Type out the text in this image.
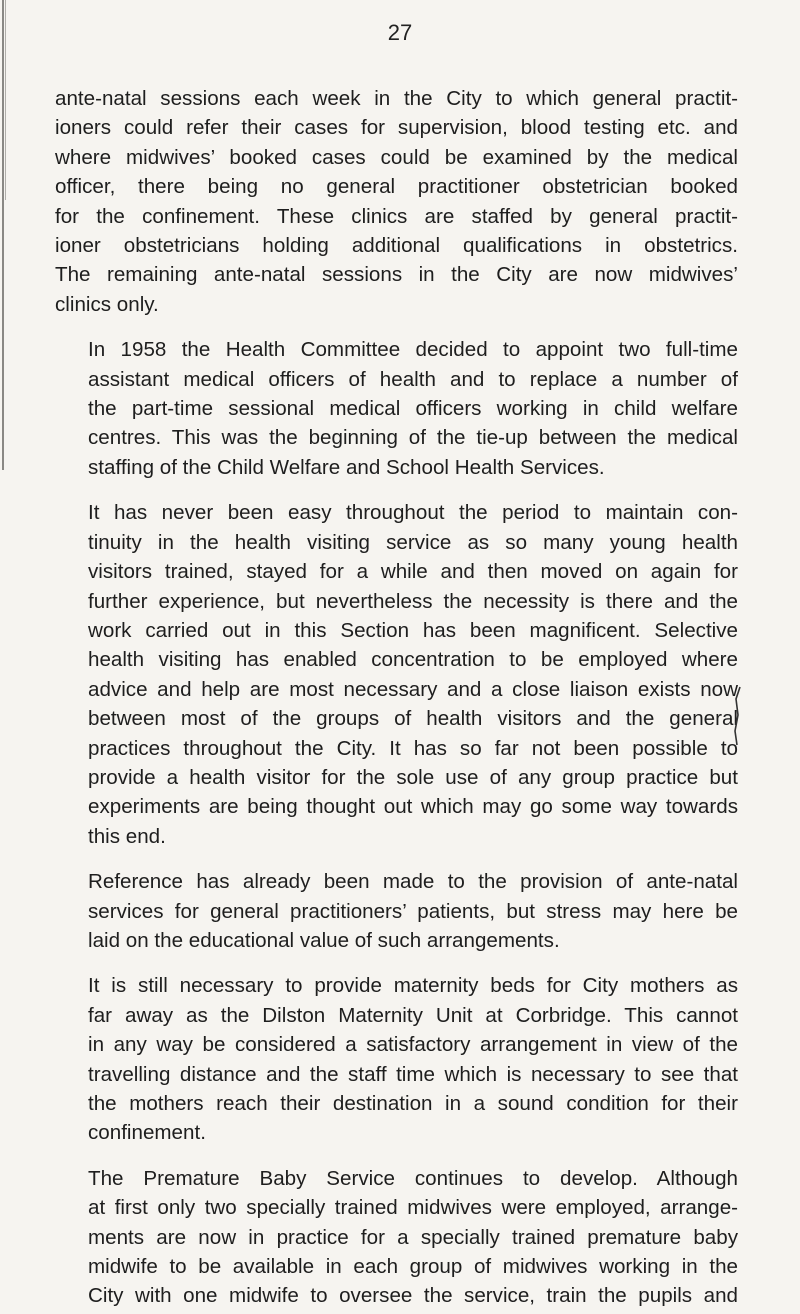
27
ante-natal sessions each week in the City to which general practit-
ioners could refer their cases for supervision, blood testing etc. and
where midwives’ booked cases could be examined by the medical
officer, there being no general practitioner obstetrician booked
for the confinement. These clinics are staffed by general practit-
ioner obstetricians holding additional qualifications in obstetrics.
The remaining ante-natal sessions in the City are now midwives’
clinics only.
In 1958 the Health Committee decided to appoint two full-time
assistant medical officers of health and to replace a number of
the part-time sessional medical officers working in child welfare
centres. This was the beginning of the tie-up between the medical
staffing of the Child Welfare and School Health Services.
It has never been easy throughout the period to maintain con-
tinuity in the health visiting service as so many young health
visitors trained, stayed for a while and then moved on again for
further experience, but nevertheless the necessity is there and the
work carried out in this Section has been magnificent. Selective
health visiting has enabled concentration to be employed where
advice and help are most necessary and a close liaison exists now
between most of the groups of health visitors and the general
practices throughout the City. It has so far not been possible to
provide a health visitor for the sole use of any group practice but
experiments are being thought out which may go some way towards
this end.
Reference has already been made to the provision of ante-natal
services for general practitioners’ patients, but stress may here be
laid on the educational value of such arrangements.
It is still necessary to provide maternity beds for City mothers as
far away as the Dilston Maternity Unit at Corbridge. This cannot
in any way be considered a satisfactory arrangement in view of the
travelling distance and the staff time which is necessary to see that
the mothers reach their destination in a sound condition for their
confinement.
The Premature Baby Service continues to develop. Although
at first only two specially trained midwives were employed, arrange-
ments are now in practice for a specially trained premature baby
midwife to be available in each group of midwives working in the
City with one midwife to oversee the service, train the pupils and
